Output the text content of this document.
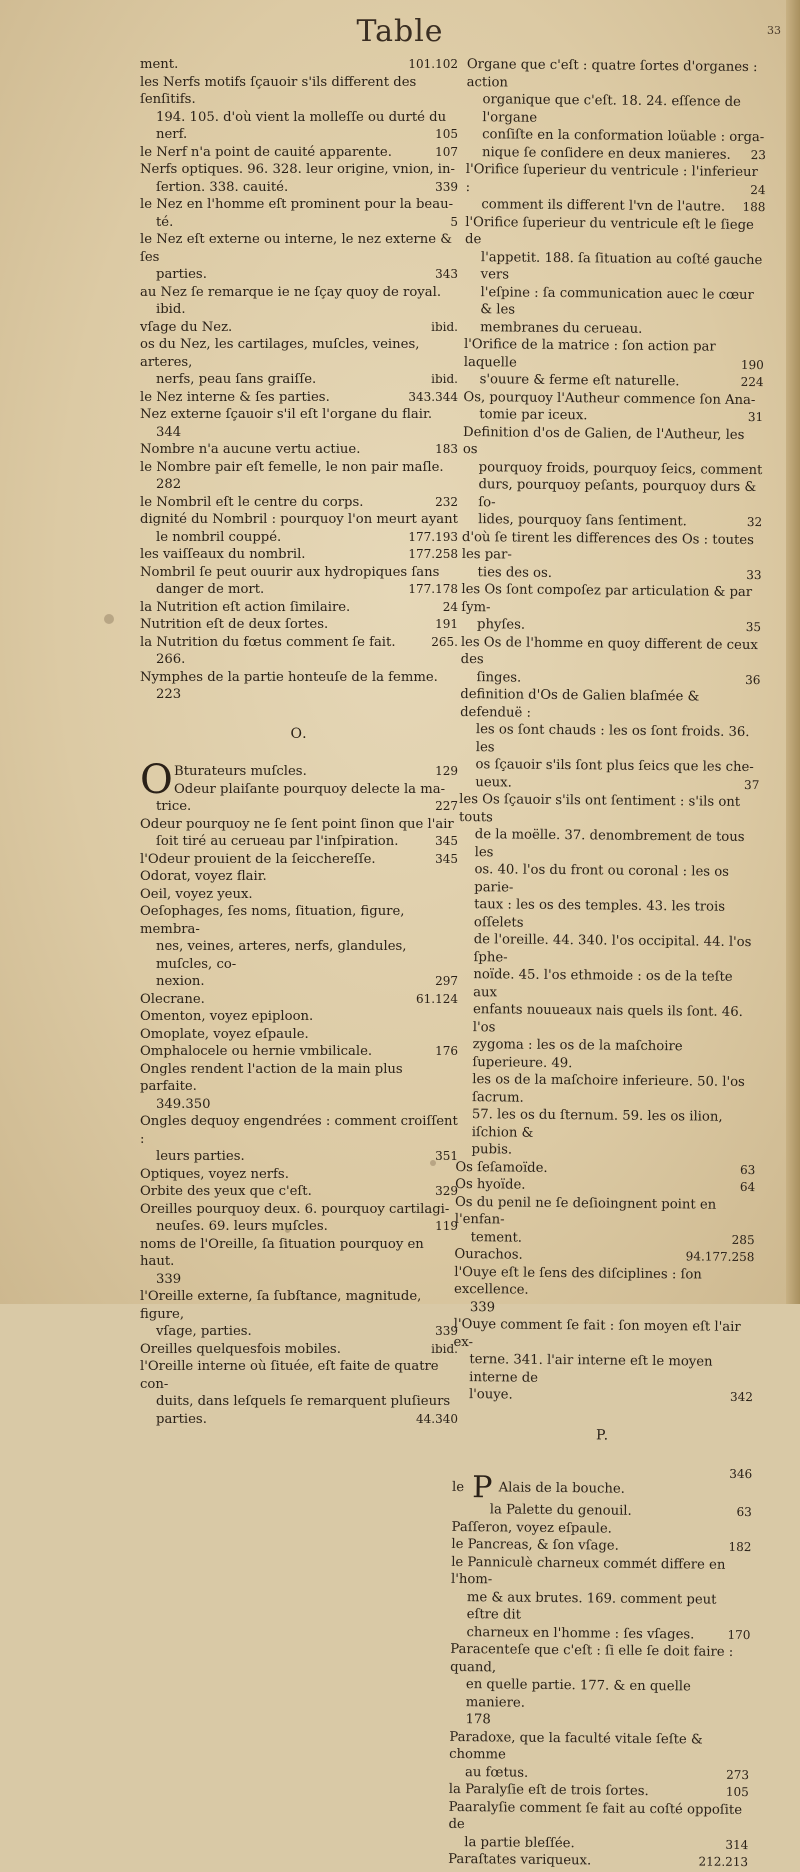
Table	33
ment.	101.102
les Nerfs motifs ſçauoir s'ils different des ſenſitifs.
194. 105. d'où vient la molleſſe ou durté du
nerf.	105
le Nerf n'a point de cauité apparente.	107
Nerfs optiques. 96. 328. leur origine, vnion, in-
ſertion. 338. cauité.	339
le Nez en l'homme eſt prominent pour la beau-
té.	5
le Nez eſt externe ou interne, le nez externe & ſes
parties.	343
au Nez ſe remarque ie ne ſçay quoy de royal.
ibid.
vſage du Nez.	ibid.
os du Nez, les cartilages, muſcles, veines, arteres,
nerfs, peau ſans graiſſe.	ibid.
le Nez interne & ſes parties.	343.344
Nez externe ſçauoir s'il eſt l'organe du flair.
344
Nombre n'a aucune vertu actiue.	183
le Nombre pair eſt femelle, le non pair maſle.
282
le Nombril eſt le centre du corps.	232
dignité du Nombril : pourquoy l'on meurt ayant
le nombril couppé.	177.193
les vaiſſeaux du nombril.	177.258
Nombril ſe peut ouurir aux hydropiques ſans
danger de mort.	177.178
la Nutrition eſt action ſimilaire.	24
Nutrition eſt de deux ſortes.	191
la Nutrition du fœtus comment ſe fait.	265.
266.
Nymphes de la partie honteuſe de la femme.
223
O.
O Bturateurs muſcles.	129
Odeur plaiſante pourquoy delecte la ma-
trice.	227
Odeur pourquoy ne ſe ſent point ſinon que l'air
ſoit tiré au cerueau par l'inſpiration.	345
l'Odeur prouient de la ſeicchereſſe.	345
Odorat, voyez flair.
Oeil, voyez yeux.
Oeſophages, ſes noms, ſituation, figure, membra-
nes, veines, arteres, nerfs, glandules, muſcles, co-
nexion.	297
Olecrane.	61.124
Omenton, voyez epiploon.
Omoplate, voyez eſpaule.
Omphalocele ou hernie vmbilicale.	176
Ongles rendent l'action de la main plus parfaite.
349.350
Ongles dequoy engendrées : comment croiſſent :
leurs parties.	351
Optiques, voyez nerfs.
Orbite des yeux que c'eſt.	329
Oreilles pourquoy deux. 6. pourquoy cartilagi-
neuſes. 69. leurs muſcles.	119
noms de l'Oreille, ſa ſituation pourquoy en haut.
339
l'Oreille externe, ſa ſubſtance, magnitude, figure,
vſage, parties.	339
Oreilles quelquesfois mobiles.	ibid.
l'Oreille interne où ſituée, eſt faite de quatre con-
duits, dans leſquels ſe remarquent pluſieurs
parties.	44.340
Organe que c'eſt : quatre ſortes d'organes : action
organique que c'eſt. 18. 24. eſſence de l'organe
conſiſte en la conformation loüable : orga-
nique ſe conſidere en deux manieres.	23
l'Orifice ſuperieur du ventricule : l'inferieur :	24
comment ils different l'vn de l'autre.	188
l'Orifice ſuperieur du ventricule eſt le ſiege de
l'appetit. 188. ſa ſituation au coſté gauche vers
l'eſpine : ſa communication auec le cœur & les
membranes du cerueau.
l'Orifice de la matrice : ſon action par laquelle	190
s'ouure & ferme eſt naturelle.	224
Os, pourquoy l'Autheur commence ſon Ana-
tomie par iceux.	31
Definition d'os de Galien, de l'Autheur, les os
pourquoy froids, pourquoy ſeics, comment
durs, pourquoy peſants, pourquoy durs & ſo-
lides, pourquoy ſans ſentiment.	32
d'où ſe tirent les differences des Os : toutes les par-
ties des os.	33
les Os ſont compoſez par articulation & par ſym-
phyſes.	35
les Os de l'homme en quoy different de ceux des
ſinges.	36
definition d'Os de Galien blaſmée & defenduë :
les os ſont chauds : les os ſont froids. 36. les
os ſçauoir s'ils ſont plus ſeics que les che-
ueux.	37
les Os ſçauoir s'ils ont ſentiment : s'ils ont touts
de la moëlle. 37. denombrement de tous les
os. 40. l'os du front ou coronal : les os parie-
taux : les os des temples. 43. les trois oſſelets
de l'oreille. 44. 340. l'os occipital. 44. l'os ſphe-
noïde. 45. l'os ethmoide : os de la teſte aux
enfants nouueaux nais quels ils ſont. 46. l'os
zygoma : les os de la maſchoire ſuperieure. 49.
les os de la maſchoire inferieure. 50. l'os ſacrum.
57. les os du ſternum. 59. les os ilion, iſchion &
pubis.
Os ſeſamoïde.	63
Os hyoïde.	64
Os du penil ne ſe deſioingnent point en l'enfan-
tement.	285
Ourachos.	94.177.258
l'Ouye eſt le ſens des diſciplines : ſon excellence.
339
l'Ouye comment ſe fait : ſon moyen eſt l'air ex-
terne. 341. l'air interne eſt le moyen interne de
l'ouye.	342
P.
le P Alais de la bouche.
346
la Palette du genouil.	63
Paſſeron, voyez eſpaule.
le Pancreas, & ſon vſage.	182
le Panniculè charneux commét differe en l'hom-
me & aux brutes. 169. comment peut eſtre dit
charneux en l'homme : ſes vſages.	170
Paracenteſe que c'eſt : ſi elle ſe doit faire : quand,
en quelle partie. 177. & en quelle maniere.
178
Paradoxe, que la faculté vitale ſeſte & chomme
au fœtus.	273
la Paralyſie eſt de trois ſortes.	105
Paaralyſie comment ſe fait au coſté oppoſite de
la partie bleſſée.	314
Paraſtates variqueux.	212.213
